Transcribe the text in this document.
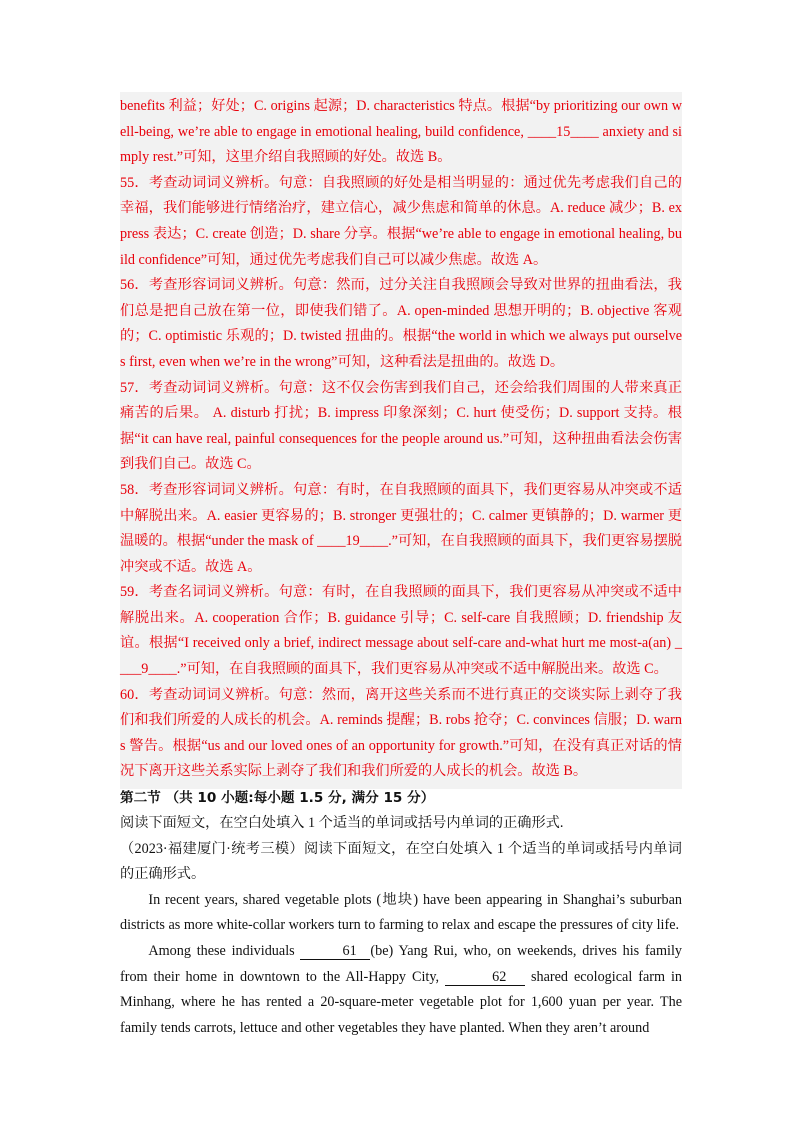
benefits 利益；好处；C. origins 起源；D. characteristics 特点。根据“by prioritizing our own well-being, we’re able to engage in emotional healing, build confidence, ____15____ anxiety and simply rest.”可知，这里介绍自我照顾的好处。故选 B。

55．考查动词词义辨析。句意：自我照顾的好处是相当明显的：通过优先考虑我们自己的幸福，我们能够进行情绪治疗，建立信心，减少焦虑和简单的休息。A. reduce 减少；B. express 表达；C. create 创造；D. share 分享。根据“we’re able to engage in emotional healing, build confidence”可知，通过优先考虑我们自己可以减少焦虑。故选 A。

56．考查形容词词义辨析。句意：然而，过分关注自我照顾会导致对世界的扭曲看法，我们总是把自己放在第一位，即使我们错了。A. open-minded 思想开明的；B. objective 客观的；C. optimistic 乐观的；D. twisted 扭曲的。根据“the world in which we always put ourselves first, even when we’re in the wrong”可知，这种看法是扭曲的。故选 D。

57．考查动词词义辨析。句意：这不仅会伤害到我们自己，还会给我们周围的人带来真正痛苦的后果。 A. disturb 打扰；B. impress 印象深刻；C. hurt 使受伤；D. support 支持。根据“it can have real, painful consequences for the people around us.”可知，这种扭曲看法会伤害到我们自己。故选 C。

58．考查形容词词义辨析。句意：有时，在自我照顾的面具下，我们更容易从冲突或不适中解脱出来。A. easier 更容易的；B. stronger 更强壮的；C. calmer 更镇静的；D. warmer 更温暖的。根据“under the mask of ____19____.”可知，在自我照顾的面具下，我们更容易摆脱冲突或不适。故选 A。

59．考查名词词义辨析。句意：有时，在自我照顾的面具下，我们更容易从冲突或不适中解脱出来。A. cooperation 合作；B. guidance 引导；C. self-care 自我照顾；D. friendship 友谊。根据“I received only a brief, indirect message about self-care and-what hurt me most-a(an) ____9____.”可知，在自我照顾的面具下，我们更容易从冲突或不适中解脱出来。故选 C。

60．考查动词词义辨析。句意：然而，离开这些关系而不进行真正的交谈实际上剥夺了我们和我们所爱的人成长的机会。A. reminds 提醒；B. robs 抢夺；C. convinces 信服；D. warns 警告。根据“us and our loved ones of an opportunity for growth.”可知，在没有真正对话的情况下离开这些关系实际上剥夺了我们和我们所爱的人成长的机会。故选 B。

第二节 （共 10 小题:每小题 1.5 分, 满分 15 分）

阅读下面短文，在空白处填入 1 个适当的单词或括号内单词的正确形式.

（2023·福建厦门·统考三模）阅读下面短文，在空白处填入 1 个适当的单词或括号内单词的正确形式。

In recent years, shared vegetable plots (地块) have been appearing in Shanghai’s suburban districts as more white-collar workers turn to farming to relax and escape the pressures of city life.

Among these individuals	61 (be) Yang Rui, who, on weekends, drives his family from their home in downtown to the All-Happy City,	62 shared ecological farm in Minhang, where he has rented a 20-square-meter vegetable plot for 1,600 yuan per year. The family tends carrots, lettuce and other vegetables they have planted. When they aren’t around
